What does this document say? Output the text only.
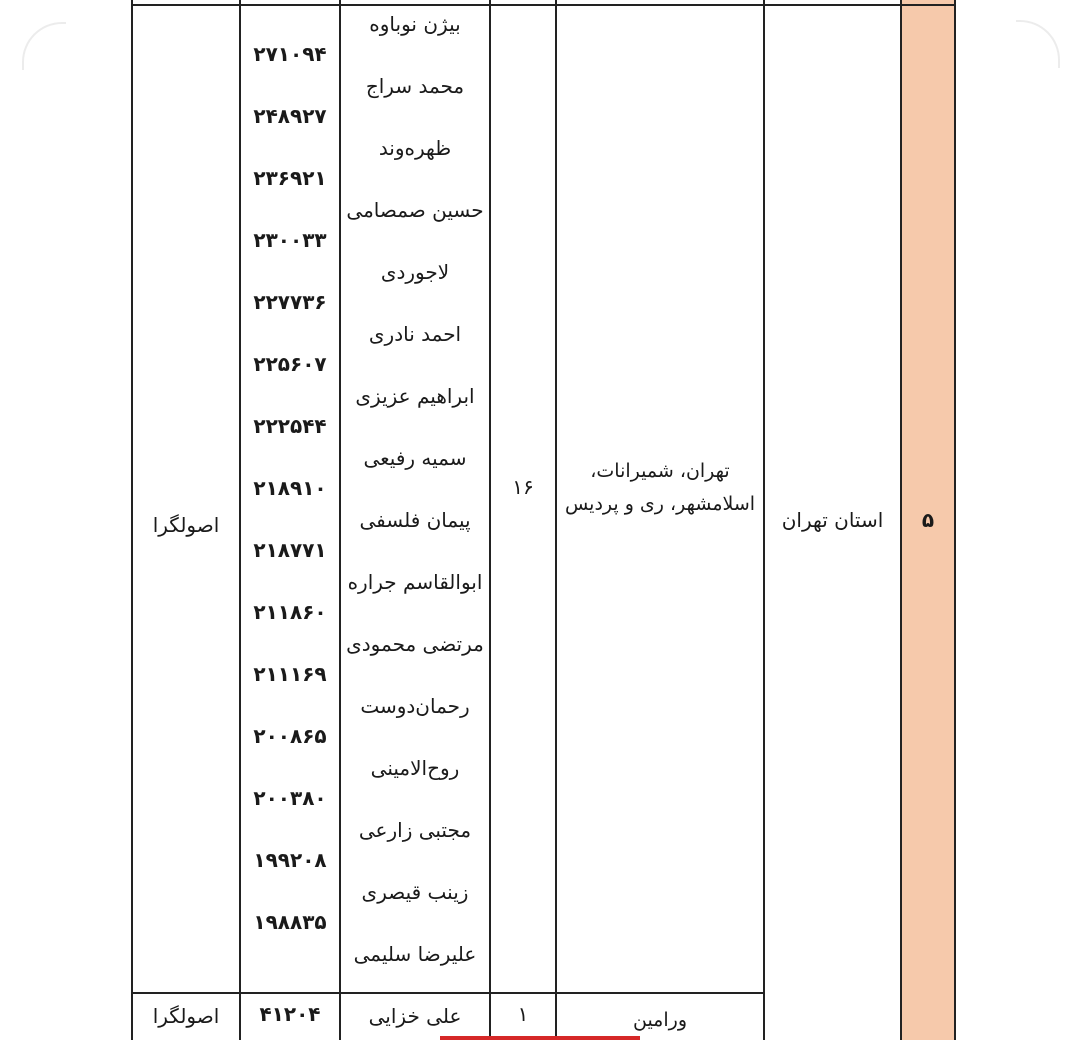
۵
استان تهران
تهران، شمیرانات، اسلامشهر، ری و پردیس
۱۶
اصولگرا
بیژن نوباوه
۲۷۱۰۹۴
محمد سراج
۲۴۸۹۲۷
ظهره‌وند
۲۳۶۹۲۱
حسین صمصامی
۲۳۰۰۳۳
لاجوردی
۲۲۷۷۳۶
احمد نادری
۲۲۵۶۰۷
ابراهیم عزیزی
۲۲۲۵۴۴
سمیه رفیعی
۲۱۸۹۱۰
پیمان فلسفی
۲۱۸۷۷۱
ابوالقاسم جراره
۲۱۱۸۶۰
مرتضی محمودی
۲۱۱۱۶۹
رحمان‌دوست
۲۰۰۸۶۵
روح‌الامینی
۲۰۰۳۸۰
مجتبی زارعی
۱۹۹۲۰۸
زینب قیصری
۱۹۸۸۳۵
علیرضا سلیمی
ورامین
۱
علی خزایی
۴۱۲۰۴
اصولگرا
